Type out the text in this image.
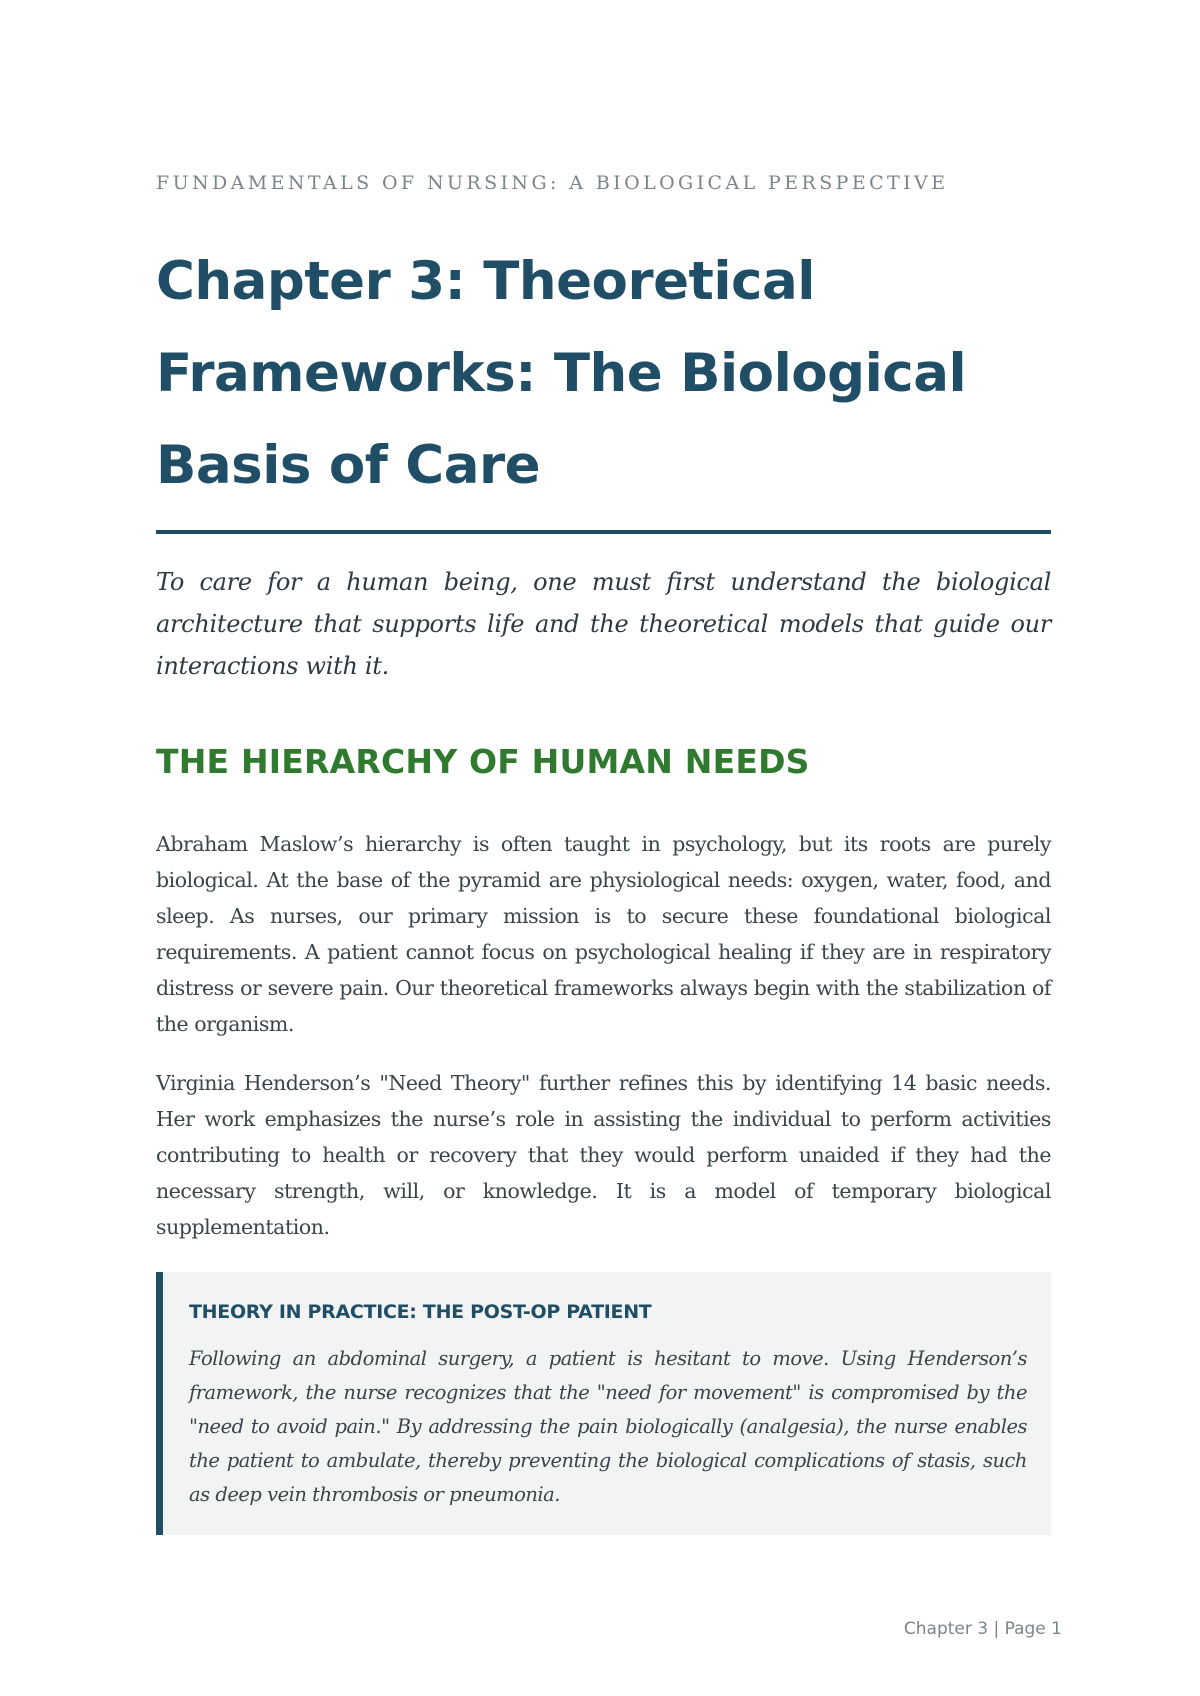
FUNDAMENTALS OF NURSING: A BIOLOGICAL PERSPECTIVE
Chapter 3: Theoretical Frameworks: The Biological Basis of Care

To care for a human being, one must first understand the biological architecture that supports life and the theoretical models that guide our interactions with it.

THE HIERARCHY OF HUMAN NEEDS

Abraham Maslow’s hierarchy is often taught in psychology, but its roots are purely biological. At the base of the pyramid are physiological needs: oxygen, water, food, and sleep. As nurses, our primary mission is to secure these foundational biological requirements. A patient cannot focus on psychological healing if they are in respiratory distress or severe pain. Our theoretical frameworks always begin with the stabilization of the organism.

Virginia Henderson’s "Need Theory" further refines this by identifying 14 basic needs. Her work emphasizes the nurse’s role in assisting the individual to perform activities contributing to health or recovery that they would perform unaided if they had the necessary strength, will, or knowledge. It is a model of temporary biological supplementation.

THEORY IN PRACTICE: THE POST-OP PATIENT

Following an abdominal surgery, a patient is hesitant to move. Using Henderson’s framework, the nurse recognizes that the "need for movement" is compromised by the "need to avoid pain." By addressing the pain biologically (analgesia), the nurse enables the patient to ambulate, thereby preventing the biological complications of stasis, such as deep vein thrombosis or pneumonia.

Chapter 3 | Page 1
